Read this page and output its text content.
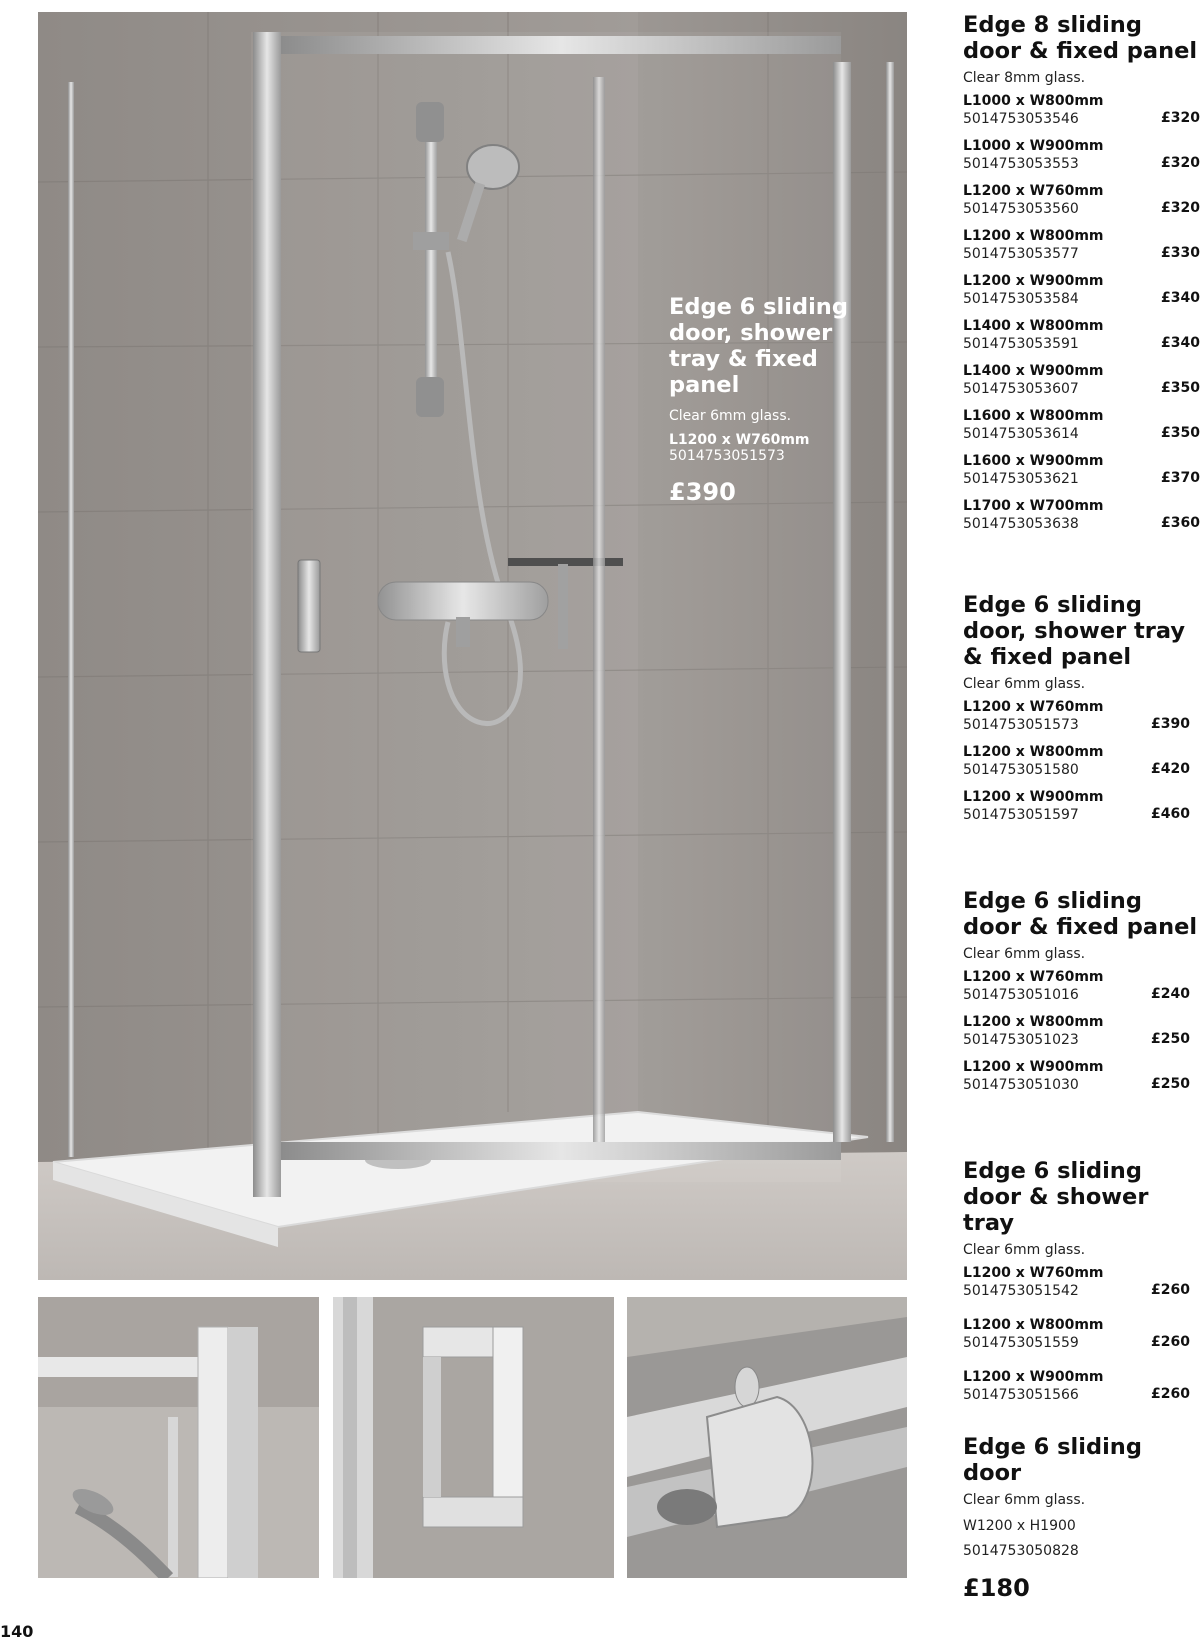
Edge 6 sliding door, shower tray & fixed panel
Clear 6mm glass.
L1200 x W760mm
5014753051573
£390
Edge 8 sliding door & fixed panel
Clear 8mm glass.
L1000 x W800mm
5014753053546	£320
L1000 x W900mm
5014753053553	£320
L1200 x W760mm
5014753053560	£320
L1200 x W800mm
5014753053577	£330
L1200 x W900mm
5014753053584	£340
L1400 x W800mm
5014753053591	£340
L1400 x W900mm
5014753053607	£350
L1600 x W800mm
5014753053614	£350
L1600 x W900mm
5014753053621	£370
L1700 x W700mm
5014753053638	£360
Edge 6 sliding door, shower tray & fixed panel
Clear 6mm glass.
L1200 x W760mm
5014753051573	£390
L1200 x W800mm
5014753051580	£420
L1200 x W900mm
5014753051597	£460
Edge 6 sliding door & fixed panel
Clear 6mm glass.
L1200 x W760mm
5014753051016	£240
L1200 x W800mm
5014753051023	£250
L1200 x W900mm
5014753051030	£250
Edge 6 sliding door & shower tray
Clear 6mm glass.
L1200 x W760mm
5014753051542	£260
L1200 x W800mm
5014753051559	£260
L1200 x W900mm
5014753051566	£260
Edge 6 sliding door
Clear 6mm glass.
W1200 x H1900
5014753050828
£180
140
